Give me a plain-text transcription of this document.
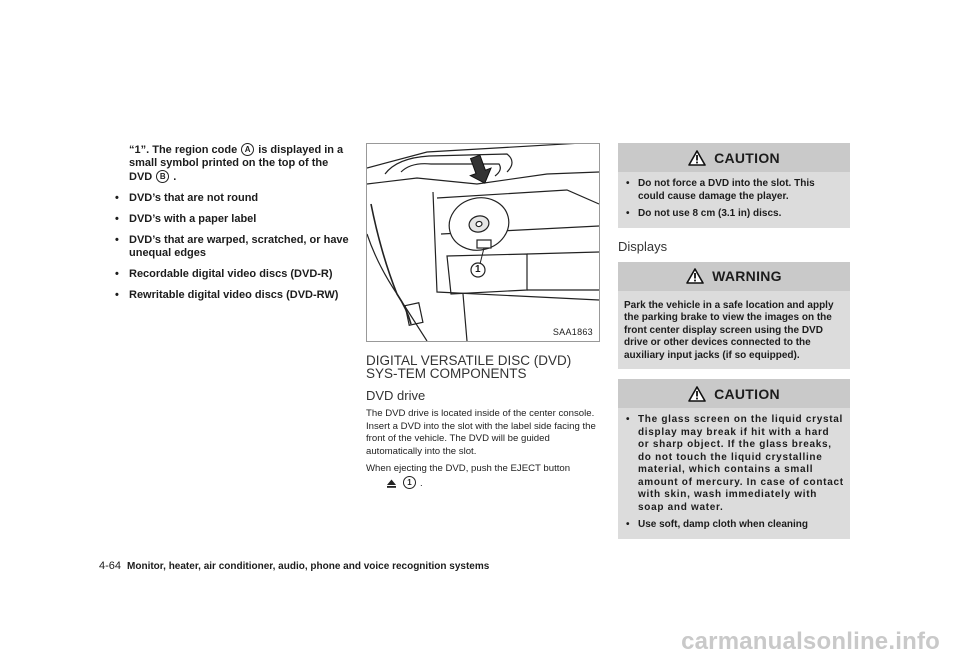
“1”. The region code A is displayed in a small symbol printed on the top of the DVD B .
• DVD’s that are not round
• DVD’s with a paper label
• DVD’s that are warped, scratched, or have unequal edges
• Recordable digital video discs (DVD-R)
• Rewritable digital video discs (DVD-RW)
1
SAA1863
DIGITAL VERSATILE DISC (DVD) SYS-TEM COMPONENTS
DVD drive
The DVD drive is located inside of the center console. Insert a DVD into the slot with the label side facing the front of the vehicle. The DVD will be guided automatically into the slot.
When ejecting the DVD, push the EJECT button
1 .
CAUTION
• Do not force a DVD into the slot. This could cause damage the player.
• Do not use 8 cm (3.1 in) discs.
Displays
WARNING
Park the vehicle in a safe location and apply the parking brake to view the images on the front center display screen using the DVD drive or other devices connected to the auxiliary input jacks (if so equipped).
CAUTION
• The glass screen on the liquid crystal display may break if hit with a hard or sharp object. If the glass breaks, do not touch the liquid crystalline material, which contains a small amount of mercury. In case of contact with skin, wash immediately with soap and water.
• Use soft, damp cloth when cleaning
4-64 Monitor, heater, air conditioner, audio, phone and voice recognition systems
carmanualsonline.info
